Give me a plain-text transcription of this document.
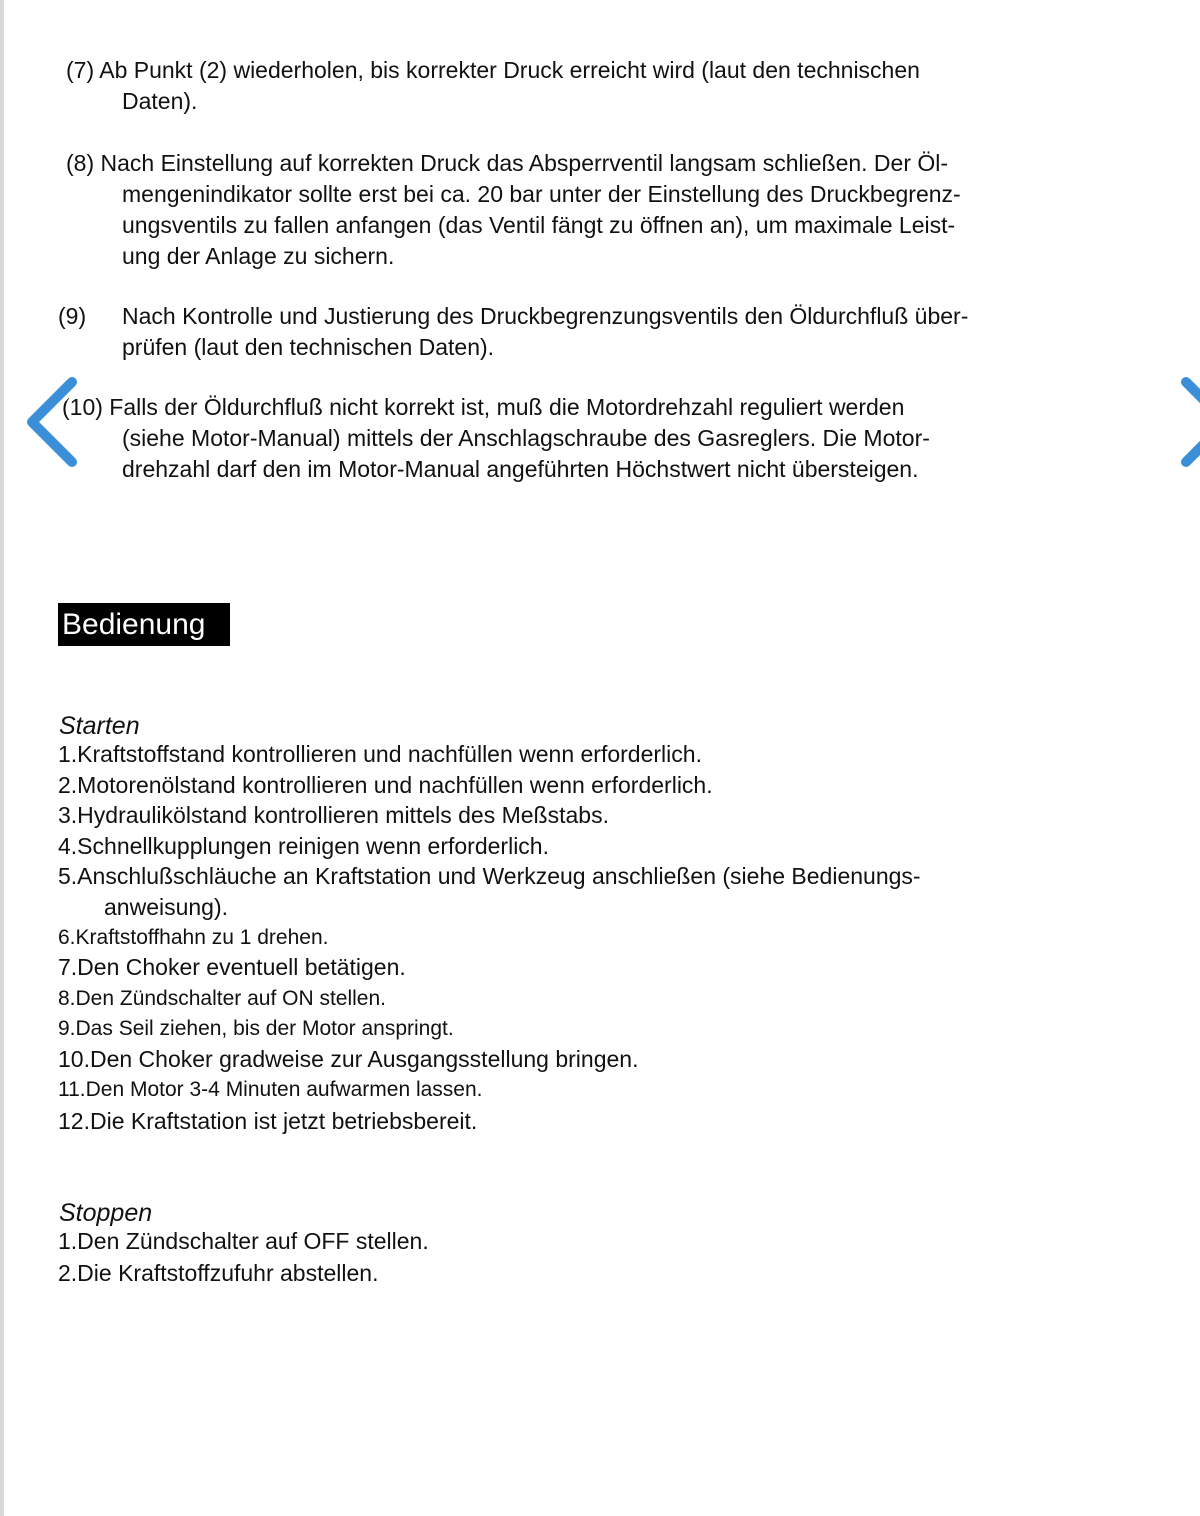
(7) Ab Punkt (2) wiederholen, bis korrekter Druck erreicht wird (laut den technischen
Daten).
(8) Nach Einstellung auf korrekten Druck das Absperrventil langsam schließen. Der Öl-
mengenindikator sollte erst bei ca. 20 bar unter der Einstellung des Druckbegrenz-
ungsventils zu fallen anfangen (das Ventil fängt zu öffnen an), um maximale Leist-
ung der Anlage zu sichern.
(9) Nach Kontrolle und Justierung des Druckbegrenzungsventils den Öldurchfluß über-
prüfen (laut den technischen Daten).
(10) Falls der Öldurchfluß nicht korrekt ist, muß die Motordrehzahl reguliert werden
(siehe Motor-Manual) mittels der Anschlagschraube des Gasreglers. Die Motor-
drehzahl darf den im Motor-Manual angeführten Höchstwert nicht übersteigen.
Bedienung
Starten
1.Kraftstoffstand kontrollieren und nachfüllen wenn erforderlich.
2.Motorenölstand kontrollieren und nachfüllen wenn erforderlich.
3.Hydraulikölstand kontrollieren mittels des Meßstabs.
4.Schnellkupplungen reinigen wenn erforderlich.
5.Anschlußschläuche an Kraftstation und Werkzeug anschließen (siehe Bedienungs-
anweisung).
6.Kraftstoffhahn zu 1 drehen.
7.Den Choker eventuell betätigen.
8.Den Zündschalter auf ON stellen.
9.Das Seil ziehen, bis der Motor anspringt.
10.Den Choker gradweise zur Ausgangsstellung bringen.
11.Den Motor 3-4 Minuten aufwarmen lassen.
12.Die Kraftstation ist jetzt betriebsbereit.
Stoppen
1.Den Zündschalter auf OFF stellen.
2.Die Kraftstoffzufuhr abstellen.
